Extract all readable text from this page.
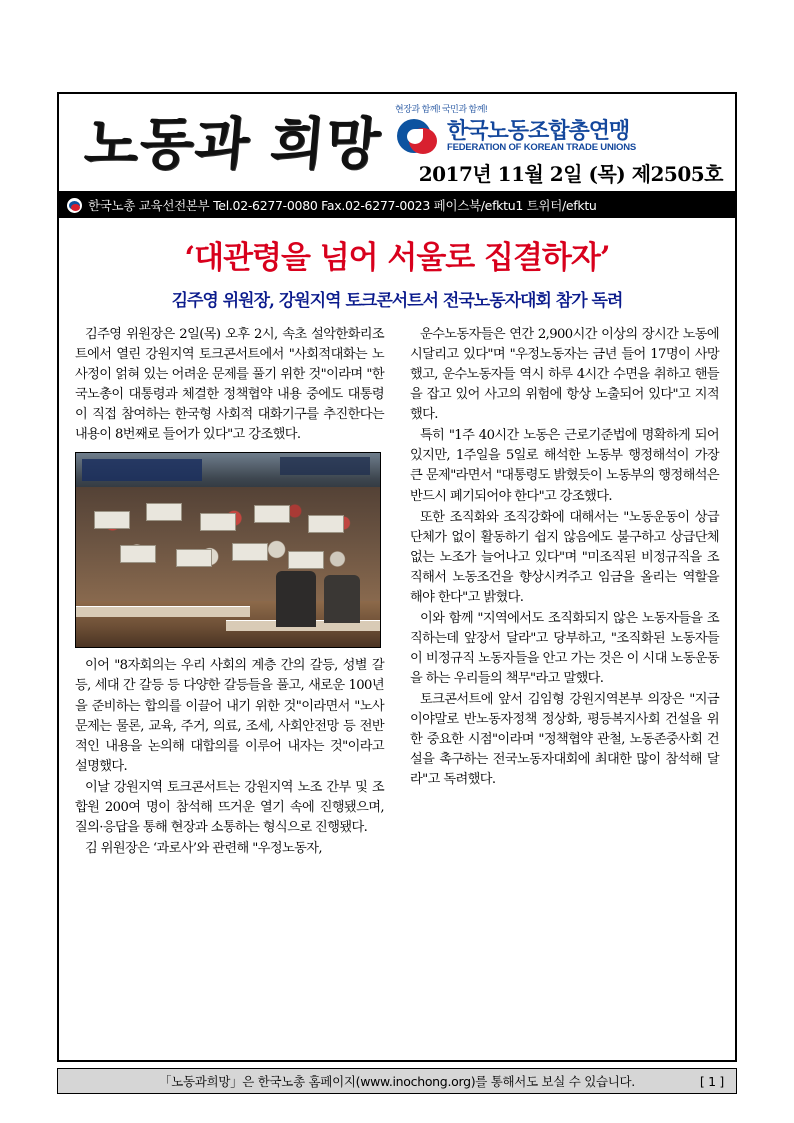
노동과 희망
현장과 함께! 국민과 함께!
한국노동조합총연맹
FEDERATION OF KOREAN TRADE UNIONS
2017년 11월 2일 (목) 제2505호
한국노총 교육선전본부 Tel.02-6277-0080 Fax.02-6277-0023 페이스북/efktu1 트위터/efktu
‘대관령을 넘어 서울로 집결하자’
김주영 위원장, 강원지역 토크콘서트서 전국노동자대회 참가 독려

김주영 위원장은 2일(목) 오후 2시, 속초 설악한화리조트에서 열린 강원지역 토크콘서트에서 "사회적대화는 노사정이 얽혀 있는 어려운 문제를 풀기 위한 것"이라며 "한국노총이 대통령과 체결한 정책협약 내용 중에도 대통령이 직접 참여하는 한국형 사회적 대화기구를 추진한다는 내용이 8번째로 들어가 있다"고 강조했다.

이어 "8자회의는 우리 사회의 계층 간의 갈등, 성별 갈등, 세대 간 갈등 등 다양한 갈등들을 풀고, 새로운 100년을 준비하는 합의를 이끌어 내기 위한 것"이라면서 "노사문제는 물론, 교육, 주거, 의료, 조세, 사회안전망 등 전반적인 내용을 논의해 대합의를 이루어 내자는 것"이라고 설명했다.

이날 강원지역 토크콘서트는 강원지역 노조 간부 및 조합원 200여 명이 참석해 뜨거운 열기 속에 진행됐으며, 질의·응답을 통해 현장과 소통하는 형식으로 진행됐다.

김 위원장은 ‘과로사’와 관련해 "우정노동자,

운수노동자들은 연간 2,900시간 이상의 장시간 노동에 시달리고 있다"며 "우정노동자는 금년 들어 17명이 사망했고, 운수노동자들 역시 하루 4시간 수면을 취하고 핸들을 잡고 있어 사고의 위험에 항상 노출되어 있다"고 지적했다.

특히 "1주 40시간 노동은 근로기준법에 명확하게 되어 있지만, 1주일을 5일로 해석한 노동부 행정해석이 가장 큰 문제"라면서 "대통령도 밝혔듯이 노동부의 행정해석은 반드시 폐기되어야 한다"고 강조했다.

또한 조직화와 조직강화에 대해서는 "노동운동이 상급단체가 없이 활동하기 쉽지 않음에도 불구하고 상급단체 없는 노조가 늘어나고 있다"며 "미조직된 비정규직을 조직해서 노동조건을 향상시켜주고 임금을 올리는 역할을 해야 한다"고 밝혔다.

이와 함께 "지역에서도 조직화되지 않은 노동자들을 조직하는데 앞장서 달라"고 당부하고, "조직화된 노동자들이 비정규직 노동자들을 안고 가는 것은 이 시대 노동운동을 하는 우리들의 책무"라고 말했다.

토크콘서트에 앞서 김임형 강원지역본부 의장은 "지금이야말로 반노동자정책 정상화, 평등복지사회 건설을 위한 중요한 시점"이라며 "정책협약 관철, 노동존중사회 건설을 촉구하는 전국노동자대회에 최대한 많이 참석해 달라"고 독려했다.

「노동과희망」은 한국노총 홈페이지(www.inochong.org)를 통해서도 보실 수 있습니다.	[ 1 ]
